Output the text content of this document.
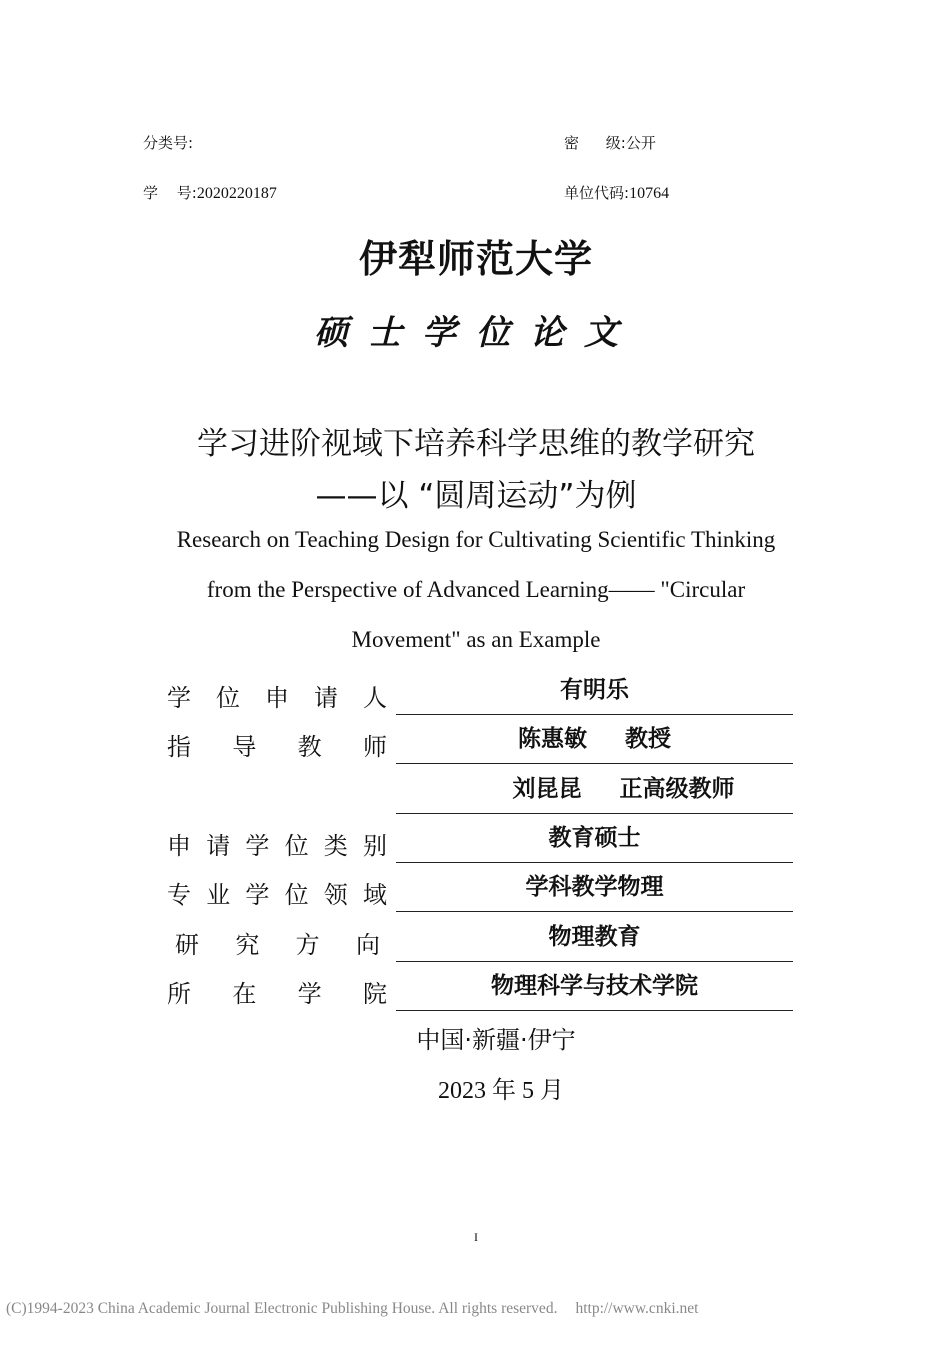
分类号:	密 级:公开
学 号:2020220187	单位代码:10764
伊犁师范大学
硕士学位论文
学习进阶视域下培养科学思维的教学研究
——以 “圆周运动”为例
Research on Teaching Design for Cultivating Scientific Thinking
from the Perspective of Advanced Learning—— "Circular
Movement" as an Example
学 位 申 请 人	有明乐
指 导 教 师	陈惠敏 教授
刘昆昆 正高级教师
申 请 学 位 类 别	教育硕士
专 业 学 位 领 域	学科教学物理
研 究 方 向	物理教育
所 在 学 院	物理科学与技术学院
中国·新疆·伊宁
2023 年 5 月
I
(C)1994-2023 China Academic Journal Electronic Publishing House. All rights reserved. http://www.cnki.net
